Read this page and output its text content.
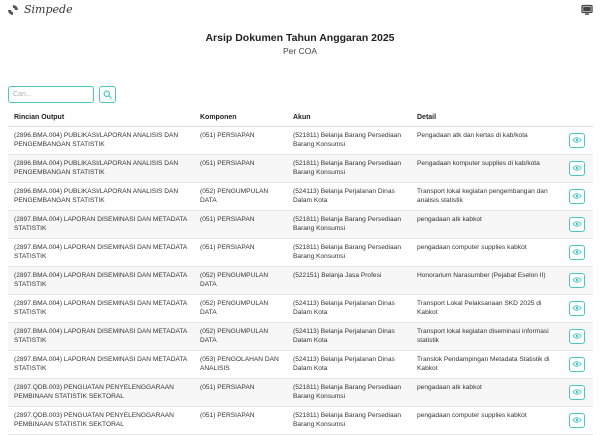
Simpede
Arsip Dokumen Tahun Anggaran 2025
Per COA
Cari...
Rincian Output	Komponen	Akun	Detail	
(2896.BMA.004) PUBLIKASI/LAPORAN ANALISIS DAN PENGEMBANGAN STATISTIK	(051) PERSIAPAN	(521811) Belanja Barang Persediaan Barang Konsumsi	Pengadaan atk dan kertas di kab/kota	

(2896.BMA.004) PUBLIKASI/LAPORAN ANALISIS DAN PENGEMBANGAN STATISTIK	(051) PERSIAPAN	(521811) Belanja Barang Persediaan Barang Konsumsi	Pengadaan komputer supplies di kab/kota	

(2896.BMA.004) PUBLIKASI/LAPORAN ANALISIS DAN PENGEMBANGAN STATISTIK	(052) PENGUMPULAN DATA	(524113) Belanja Perjalanan Dinas Dalam Kota	Transport lokal kegiatan pengembangan dan analisis statistik	

(2897.BMA.004) LAPORAN DISEMINASI DAN METADATA STATISTIK	(051) PERSIAPAN	(521811) Belanja Barang Persediaan Barang Konsumsi	pengadaan atk kabkot	

(2897.BMA.004) LAPORAN DISEMINASI DAN METADATA STATISTIK	(051) PERSIAPAN	(521811) Belanja Barang Persediaan Barang Konsumsi	pengadaan computer supplies kabkot	

(2897.BMA.004) LAPORAN DISEMINASI DAN METADATA STATISTIK	(052) PENGUMPULAN DATA	(522151) Belanja Jasa Profesi	Honorarium Narasumber (Pejabat Eselon II)	

(2897.BMA.004) LAPORAN DISEMINASI DAN METADATA STATISTIK	(052) PENGUMPULAN DATA	(524113) Belanja Perjalanan Dinas Dalam Kota	Transport Lokal Pelaksanaan SKD 2025 di Kabkot	

(2897.BMA.004) LAPORAN DISEMINASI DAN METADATA STATISTIK	(052) PENGUMPULAN DATA	(524113) Belanja Perjalanan Dinas Dalam Kota	Transport lokal kegiatan diseminasi informasi statistik	

(2897.BMA.004) LAPORAN DISEMINASI DAN METADATA STATISTIK	(053) PENGOLAHAN DAN ANALISIS	(524113) Belanja Perjalanan Dinas Dalam Kota	Translok Pendampingan Metadata Statistik di Kabkot	

(2897.QDB.003) PENGUATAN PENYELENGGARAAN PEMBINAAN STATISTIK SEKTORAL	(051) PERSIAPAN	(521811) Belanja Barang Persediaan Barang Konsumsi	pengadaan atk kabkot	

(2897.QDB.003) PENGUATAN PENYELENGGARAAN PEMBINAAN STATISTIK SEKTORAL	(051) PERSIAPAN	(521811) Belanja Barang Persediaan Barang Konsumsi	pengadaan computer supplies kabkot	
